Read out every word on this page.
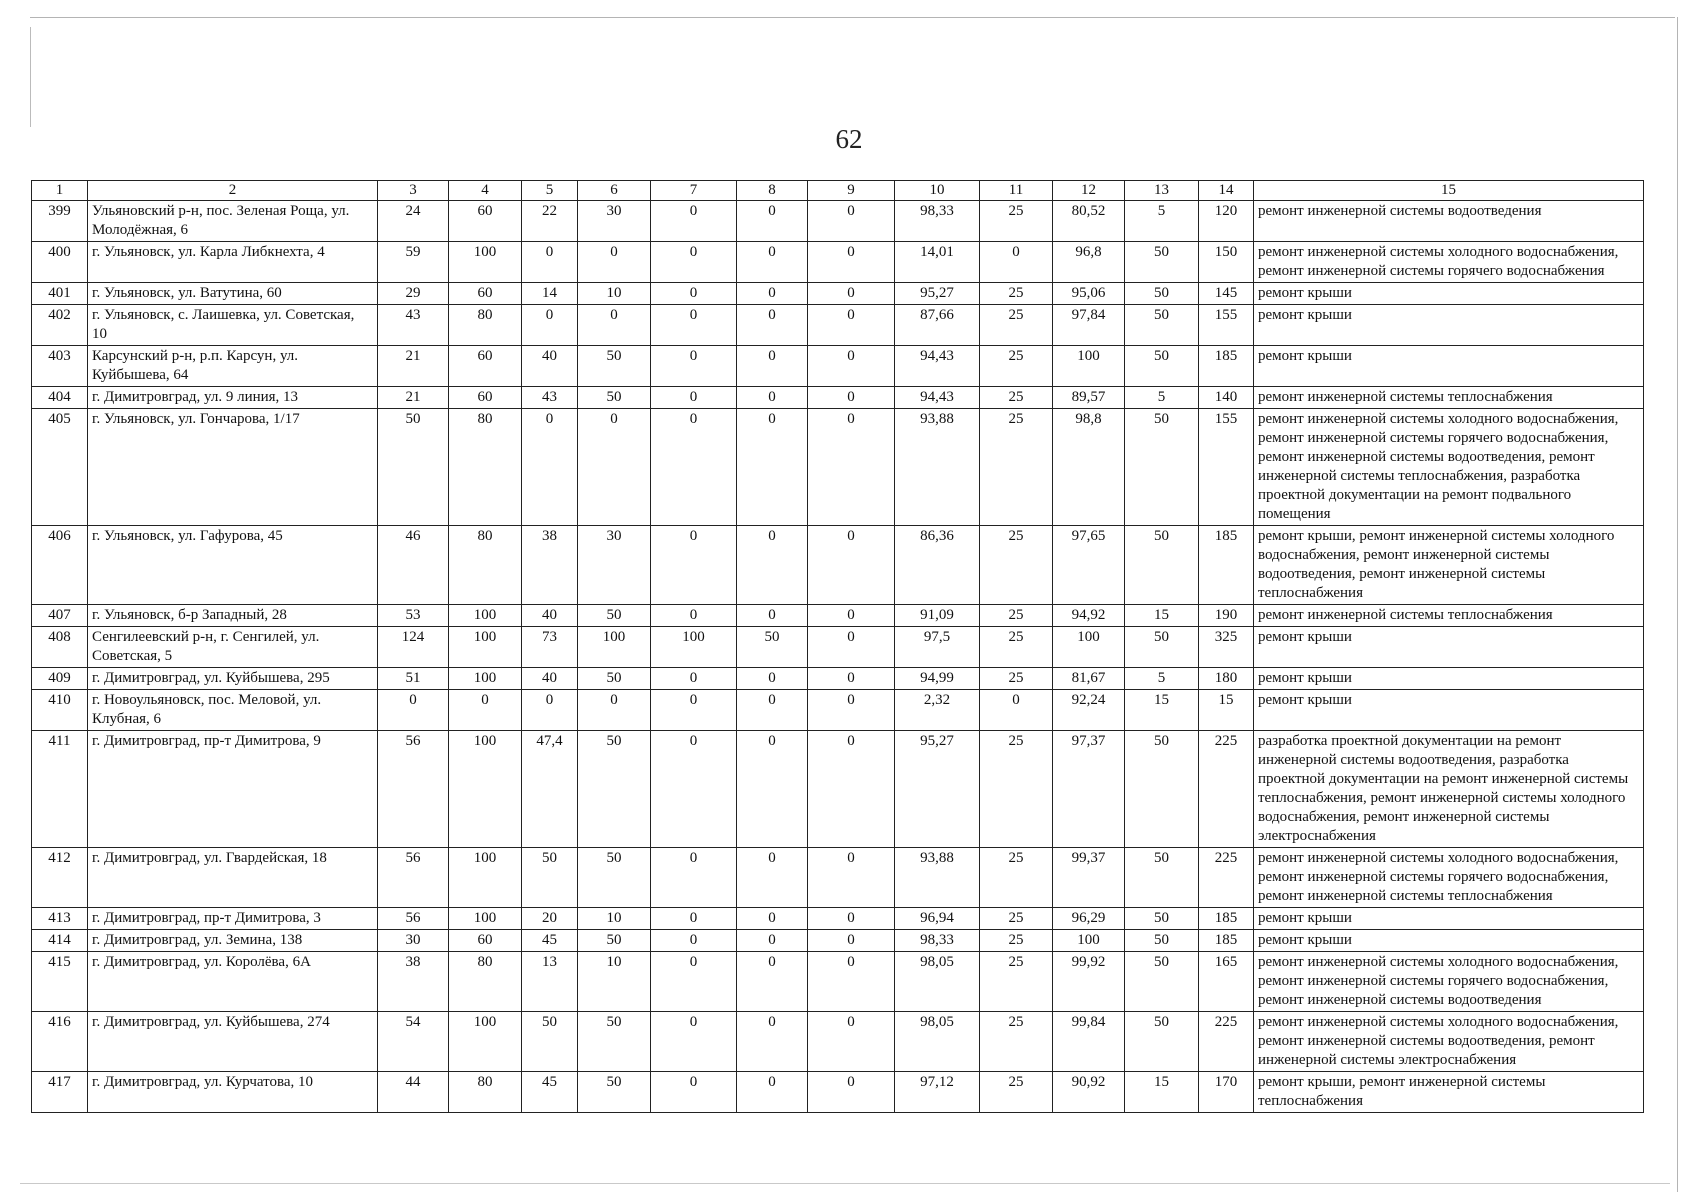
62
1	2	3	4	5	6	7	8	9	10	11	12	13	14	15
399	Ульяновский р-н, пос. Зеленая Роща, ул. Молодёжная, 6	24	60	22	30	0	0	0	98,33	25	80,52	5	120	ремонт инженерной системы водоотведения
400	г. Ульяновск, ул. Карла Либкнехта, 4	59	100	0	0	0	0	0	14,01	0	96,8	50	150	ремонт инженерной системы холодного водоснабжения, ремонт инженерной системы горячего водоснабжения
401	г. Ульяновск, ул. Ватутина, 60	29	60	14	10	0	0	0	95,27	25	95,06	50	145	ремонт крыши
402	г. Ульяновск, с. Лаишевка, ул. Советская, 10	43	80	0	0	0	0	0	87,66	25	97,84	50	155	ремонт крыши
403	Карсунский р-н, р.п. Карсун, ул. Куйбышева, 64	21	60	40	50	0	0	0	94,43	25	100	50	185	ремонт крыши
404	г. Димитровград, ул. 9 линия, 13	21	60	43	50	0	0	0	94,43	25	89,57	5	140	ремонт инженерной системы теплоснабжения
405	г. Ульяновск, ул. Гончарова, 1/17	50	80	0	0	0	0	0	93,88	25	98,8	50	155	ремонт инженерной системы холодного водоснабжения, ремонт инженерной системы горячего водоснабжения, ремонт инженерной системы водоотведения, ремонт инженерной системы теплоснабжения, разработка проектной документации на ремонт подвального помещения
406	г. Ульяновск, ул. Гафурова, 45	46	80	38	30	0	0	0	86,36	25	97,65	50	185	ремонт крыши, ремонт инженерной системы холодного водоснабжения, ремонт инженерной системы водоотведения, ремонт инженерной системы теплоснабжения
407	г. Ульяновск, б-р Западный, 28	53	100	40	50	0	0	0	91,09	25	94,92	15	190	ремонт инженерной системы теплоснабжения
408	Сенгилеевский р-н, г. Сенгилей, ул. Советская, 5	124	100	73	100	100	50	0	97,5	25	100	50	325	ремонт крыши
409	г. Димитровград, ул. Куйбышева, 295	51	100	40	50	0	0	0	94,99	25	81,67	5	180	ремонт крыши
410	г. Новоульяновск, пос. Меловой, ул. Клубная, 6	0	0	0	0	0	0	0	2,32	0	92,24	15	15	ремонт крыши
411	г. Димитровград, пр-т Димитрова, 9	56	100	47,4	50	0	0	0	95,27	25	97,37	50	225	разработка проектной документации на ремонт инженерной системы водоотведения, разработка проектной документации на ремонт инженерной системы теплоснабжения, ремонт инженерной системы холодного водоснабжения, ремонт инженерной системы электроснабжения
412	г. Димитровград, ул. Гвардейская, 18	56	100	50	50	0	0	0	93,88	25	99,37	50	225	ремонт инженерной системы холодного водоснабжения, ремонт инженерной системы горячего водоснабжения, ремонт инженерной системы теплоснабжения
413	г. Димитровград, пр-т Димитрова, 3	56	100	20	10	0	0	0	96,94	25	96,29	50	185	ремонт крыши
414	г. Димитровград, ул. Земина, 138	30	60	45	50	0	0	0	98,33	25	100	50	185	ремонт крыши
415	г. Димитровград, ул. Королёва, 6А	38	80	13	10	0	0	0	98,05	25	99,92	50	165	ремонт инженерной системы холодного водоснабжения, ремонт инженерной системы горячего водоснабжения, ремонт инженерной системы водоотведения
416	г. Димитровград, ул. Куйбышева, 274	54	100	50	50	0	0	0	98,05	25	99,84	50	225	ремонт инженерной системы холодного водоснабжения, ремонт инженерной системы водоотведения, ремонт инженерной системы электроснабжения
417	г. Димитровград, ул. Курчатова, 10	44	80	45	50	0	0	0	97,12	25	90,92	15	170	ремонт крыши, ремонт инженерной системы теплоснабжения
